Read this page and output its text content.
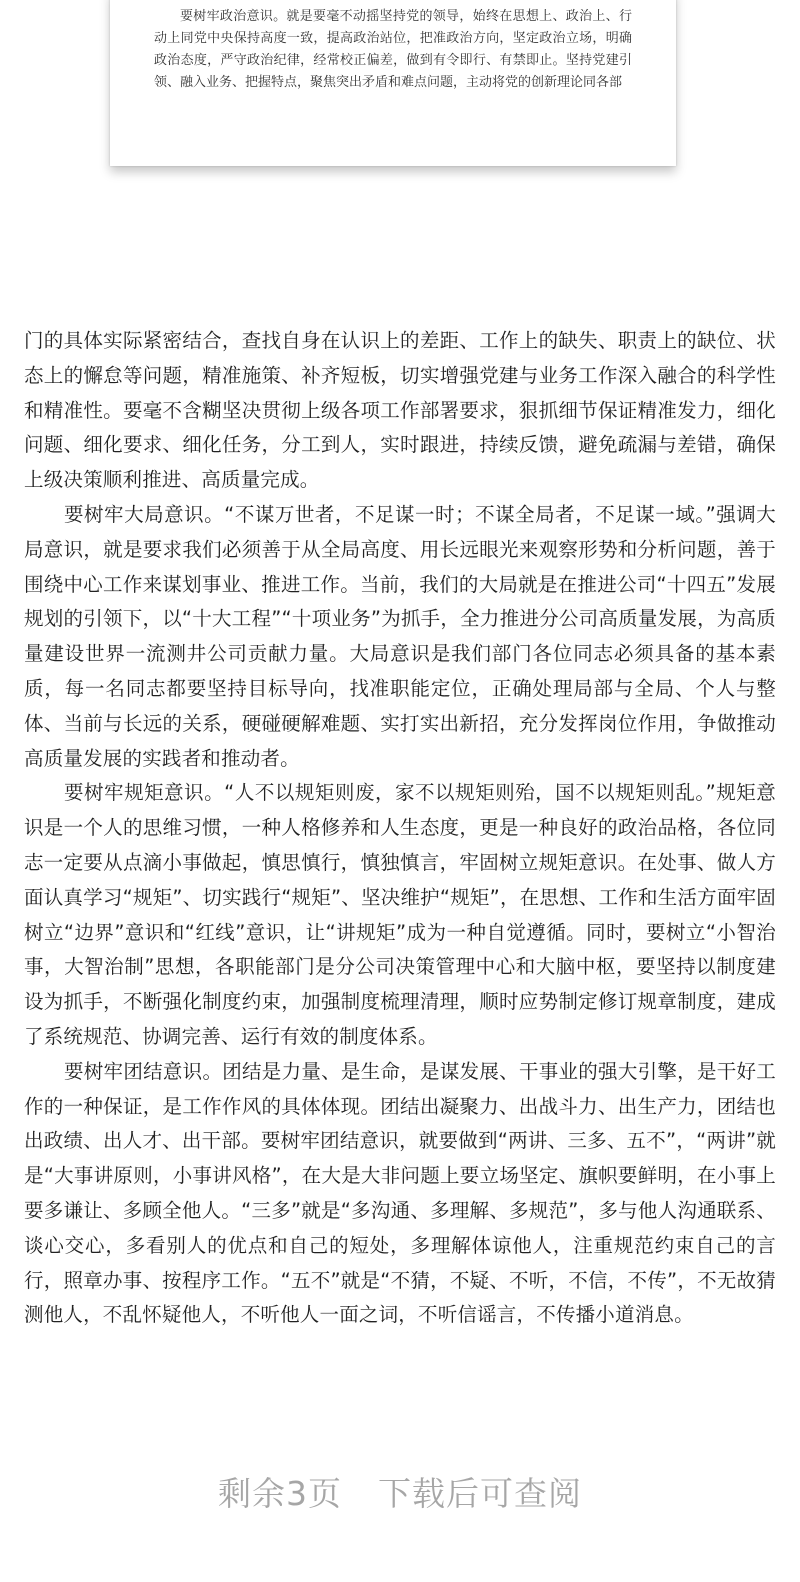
要树牢政治意识。就是要毫不动摇坚持党的领导，始终在思想上、政治上、行动上同党中央保持高度一致，提高政治站位，把准政治方向，坚定政治立场，明确政治态度，严守政治纪律，经常校正偏差，做到有令即行、有禁即止。坚持党建引领、融入业务、把握特点，聚焦突出矛盾和难点问题，主动将党的创新理论同各部

门的具体实际紧密结合，查找自身在认识上的差距、工作上的缺失、职责上的缺位、状态上的懈怠等问题，精准施策、补齐短板，切实增强党建与业务工作深入融合的科学性和精准性。要毫不含糊坚决贯彻上级各项工作部署要求，狠抓细节保证精准发力，细化问题、细化要求、细化任务，分工到人，实时跟进，持续反馈，避免疏漏与差错，确保上级决策顺利推进、高质量完成。

要树牢大局意识。“不谋万世者，不足谋一时；不谋全局者，不足谋一域。”强调大局意识，就是要求我们必须善于从全局高度、用长远眼光来观察形势和分析问题，善于围绕中心工作来谋划事业、推进工作。当前，我们的大局就是在推进公司“十四五”发展规划的引领下，以“十大工程”“十项业务”为抓手，全力推进分公司高质量发展，为高质量建设世界一流测井公司贡献力量。大局意识是我们部门各位同志必须具备的基本素质，每一名同志都要坚持目标导向，找准职能定位，正确处理局部与全局、个人与整体、当前与长远的关系，硬碰硬解难题、实打实出新招，充分发挥岗位作用，争做推动高质量发展的实践者和推动者。

要树牢规矩意识。“人不以规矩则废，家不以规矩则殆，国不以规矩则乱。”规矩意识是一个人的思维习惯，一种人格修养和人生态度，更是一种良好的政治品格，各位同志一定要从点滴小事做起，慎思慎行，慎独慎言，牢固树立规矩意识。在处事、做人方面认真学习“规矩”、切实践行“规矩”、坚决维护“规矩”，在思想、工作和生活方面牢固树立“边界”意识和“红线”意识，让“讲规矩”成为一种自觉遵循。同时，要树立“小智治事，大智治制”思想，各职能部门是分公司决策管理中心和大脑中枢，要坚持以制度建设为抓手，不断强化制度约束，加强制度梳理清理，顺时应势制定修订规章制度，建成了系统规范、协调完善、运行有效的制度体系。

要树牢团结意识。团结是力量、是生命，是谋发展、干事业的强大引擎，是干好工作的一种保证，是工作作风的具体体现。团结出凝聚力、出战斗力、出生产力，团结也出政绩、出人才、出干部。要树牢团结意识，就要做到“两讲、三多、五不”，“两讲”就是“大事讲原则，小事讲风格”，在大是大非问题上要立场坚定、旗帜要鲜明，在小事上要多谦让、多顾全他人。“三多”就是“多沟通、多理解、多规范”，多与他人沟通联系、谈心交心，多看别人的优点和自己的短处，多理解体谅他人，注重规范约束自己的言行，照章办事、按程序工作。“五不”就是“不猜，不疑、不听，不信，不传”，不无故猜测他人，不乱怀疑他人，不听他人一面之词，不听信谣言，不传播小道消息。

剩余3页 下载后可查阅
